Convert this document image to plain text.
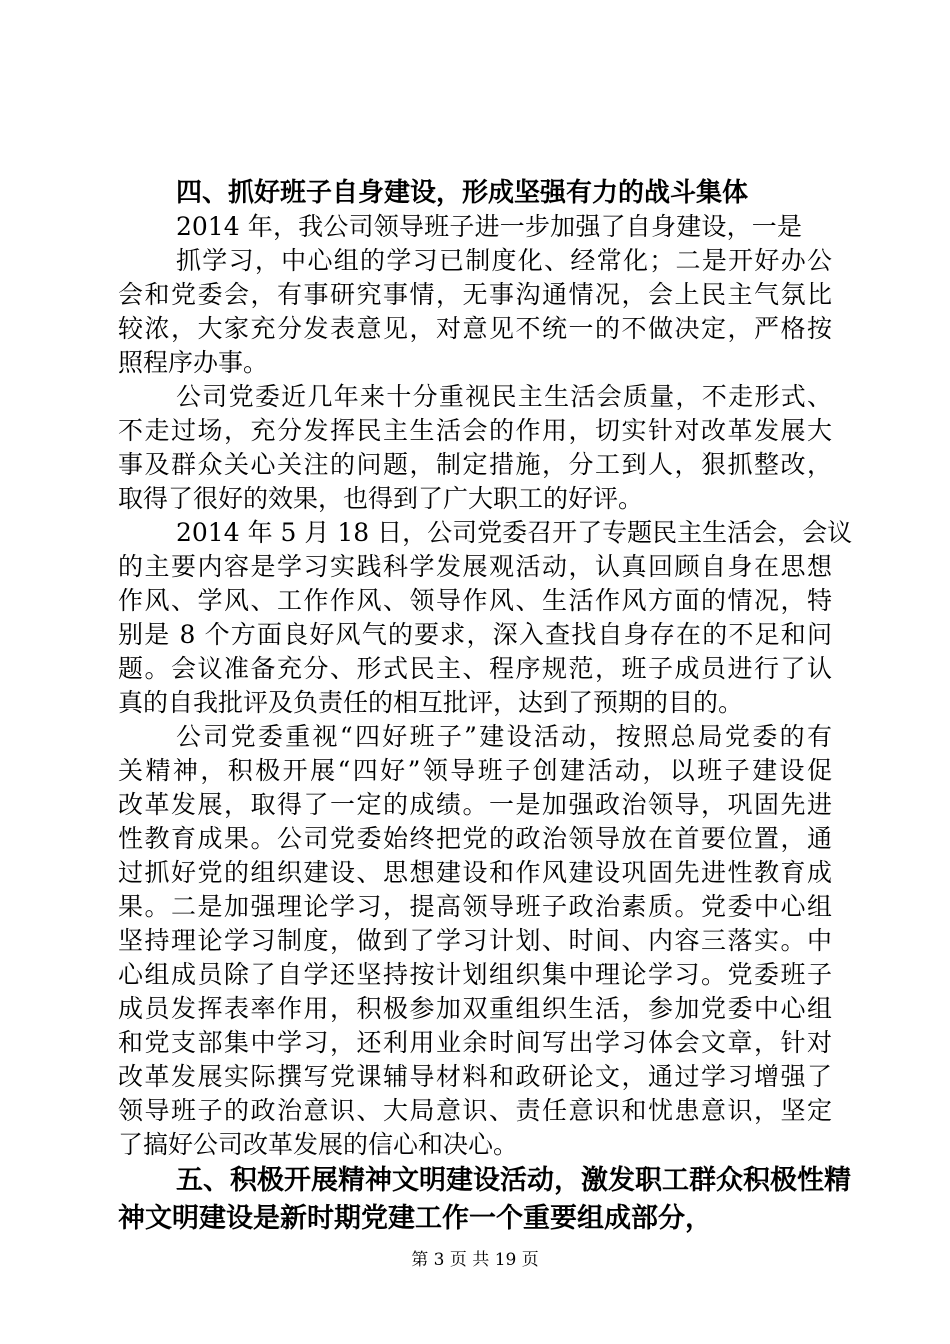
四、抓好班子自身建设，形成坚强有力的战斗集体
2014 年，我公司领导班子进一步加强了自身建设，一是
抓学习，中心组的学习已制度化、经常化；二是开好办公
会和党委会，有事研究事情，无事沟通情况，会上民主气氛比
较浓，大家充分发表意见，对意见不统一的不做决定，严格按
照程序办事。
公司党委近几年来十分重视民主生活会质量，不走形式、
不走过场，充分发挥民主生活会的作用，切实针对改革发展大
事及群众关心关注的问题，制定措施，分工到人，狠抓整改，
取得了很好的效果，也得到了广大职工的好评。
2014 年 5 月 18 日，公司党委召开了专题民主生活会，会议
的主要内容是学习实践科学发展观活动，认真回顾自身在思想
作风、学风、工作作风、领导作风、生活作风方面的情况，特
别是 8 个方面良好风气的要求，深入查找自身存在的不足和问
题。会议准备充分、形式民主、程序规范，班子成员进行了认
真的自我批评及负责任的相互批评，达到了预期的目的。
公司党委重视“四好班子”建设活动，按照总局党委的有
关精神，积极开展“四好”领导班子创建活动，以班子建设促
改革发展，取得了一定的成绩。一是加强政治领导，巩固先进
性教育成果。公司党委始终把党的政治领导放在首要位置，通
过抓好党的组织建设、思想建设和作风建设巩固先进性教育成
果。二是加强理论学习，提高领导班子政治素质。党委中心组
坚持理论学习制度，做到了学习计划、时间、内容三落实。中
心组成员除了自学还坚持按计划组织集中理论学习。党委班子
成员发挥表率作用，积极参加双重组织生活，参加党委中心组
和党支部集中学习，还利用业余时间写出学习体会文章，针对
改革发展实际撰写党课辅导材料和政研论文，通过学习增强了
领导班子的政治意识、大局意识、责任意识和忧患意识，坚定
了搞好公司改革发展的信心和决心。
五、积极开展精神文明建设活动，激发职工群众积极性精
神文明建设是新时期党建工作一个重要组成部分，
第 3 页 共 19 页
